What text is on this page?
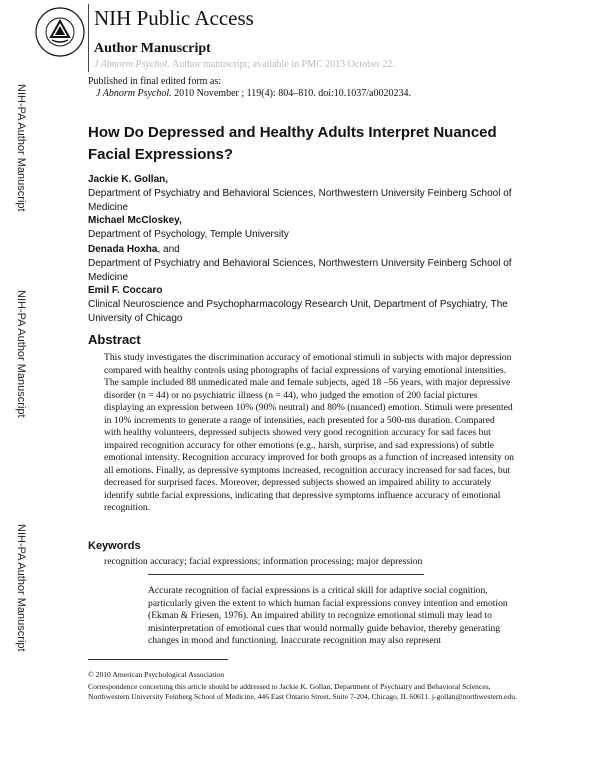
NIH-PA Author Manuscript
NIH-PA Author Manuscript
NIH-PA Author Manuscript
NIH Public Access
Author Manuscript
J Abnorm Psychol. Author manuscript; available in PMC 2013 October 22.
Published in final edited form as:
J Abnorm Psychol. 2010 November ; 119(4): 804–810. doi:10.1037/a0020234.
How Do Depressed and Healthy Adults Interpret Nuanced Facial Expressions?
Jackie K. Gollan,
Department of Psychiatry and Behavioral Sciences, Northwestern University Feinberg School of Medicine
Michael McCloskey,
Department of Psychology, Temple University
Denada Hoxha, and
Department of Psychiatry and Behavioral Sciences, Northwestern University Feinberg School of Medicine
Emil F. Coccaro
Clinical Neuroscience and Psychopharmacology Research Unit, Department of Psychiatry, The University of Chicago
Abstract
This study investigates the discrimination accuracy of emotional stimuli in subjects with major depression compared with healthy controls using photographs of facial expressions of varying emotional intensities. The sample included 88 unmedicated male and female subjects, aged 18 –56 years, with major depressive disorder (n = 44) or no psychiatric illness (n = 44), who judged the emotion of 200 facial pictures displaying an expression between 10% (90% neutral) and 80% (nuanced) emotion. Stimuli were presented in 10% increments to generate a range of intensities, each presented for a 500-ms duration. Compared with healthy volunteers, depressed subjects showed very good recognition accuracy for sad faces but impaired recognition accuracy for other emotions (e.g., harsh, surprise, and sad expressions) of subtle emotional intensity. Recognition accuracy improved for both groups as a function of increased intensity on all emotions. Finally, as depressive symptoms increased, recognition accuracy increased for sad faces, but decreased for surprised faces. Moreover, depressed subjects showed an impaired ability to accurately identify subtle facial expressions, indicating that depressive symptoms influence accuracy of emotional recognition.
Keywords
recognition accuracy; facial expressions; information processing; major depression
Accurate recognition of facial expressions is a critical skill for adaptive social cognition, particularly given the extent to which human facial expressions convey intention and emotion (Ekman & Friesen, 1976). An impaired ability to recognize emotional stimuli may lead to misinterpretation of emotional cues that would normally guide behavior, thereby generating changes in mood and functioning. Inaccurate recognition may also represent
© 2010 American Psychological Association
Correspondence concerning this article should be addressed to Jackie K. Gollan, Department of Psychiatry and Behavioral Sciences, Northwestern University Feinberg School of Medicine, 446 East Ontario Street, Suite 7-204, Chicago, IL 60611. j-gollan@northwestern.edu.
